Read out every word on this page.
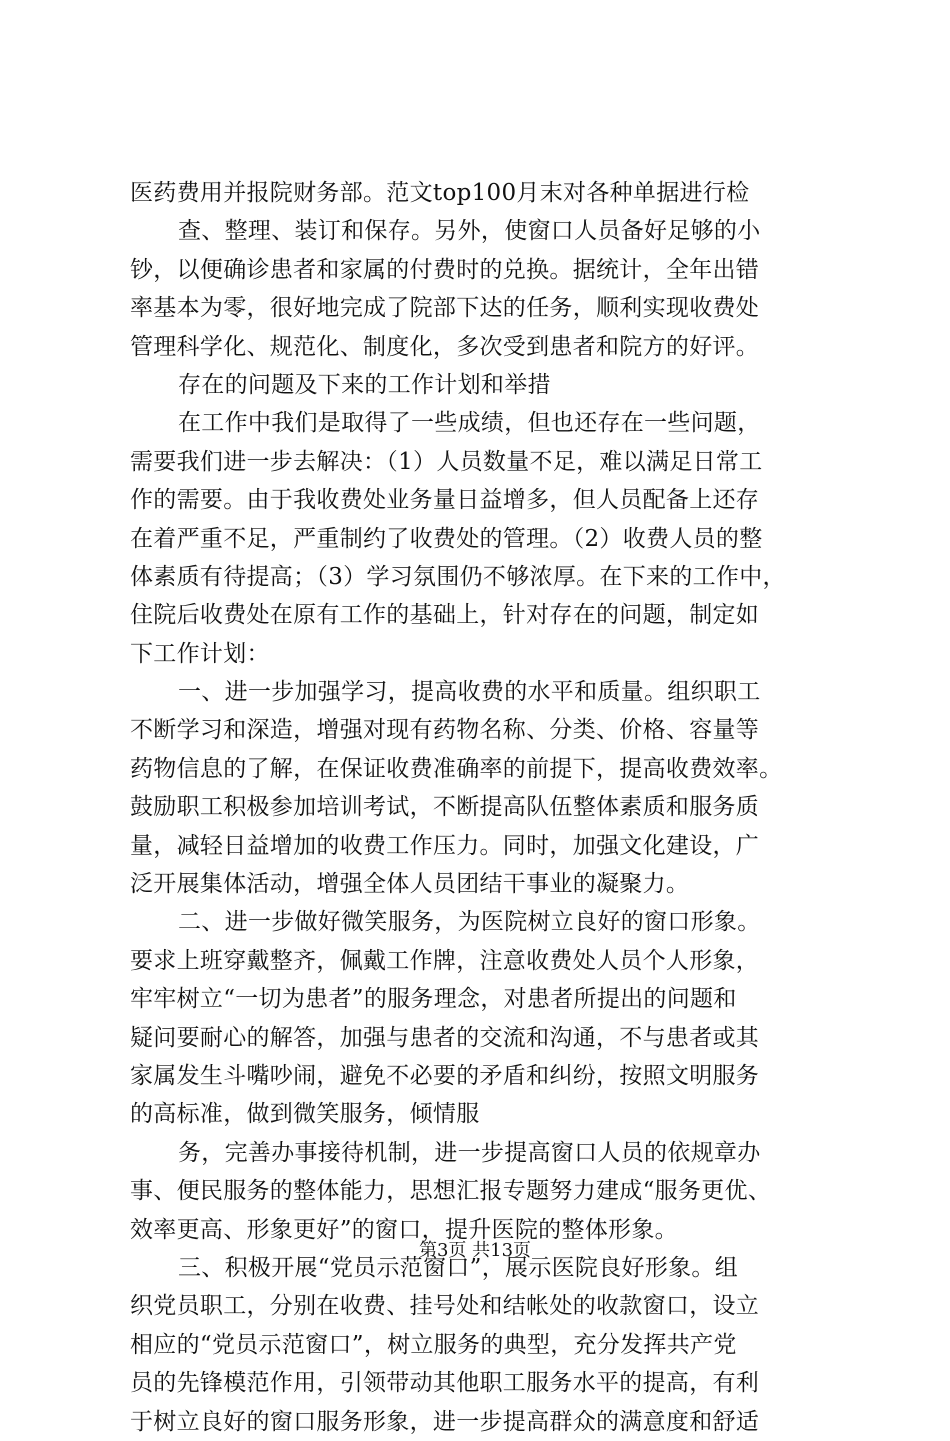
医药费用并报院财务部。范文top100月末对各种单据进行检
查、整理、装订和保存。另外，使窗口人员备好足够的小
钞，以便确诊患者和家属的付费时的兑换。据统计，全年出错
率基本为零，很好地完成了院部下达的任务，顺利实现收费处
管理科学化、规范化、制度化，多次受到患者和院方的好评。
存在的问题及下来的工作计划和举措
在工作中我们是取得了一些成绩，但也还存在一些问题，
需要我们进一步去解决：（1）人员数量不足，难以满足日常工
作的需要。由于我收费处业务量日益增多，但人员配备上还存
在着严重不足，严重制约了收费处的管理。（2）收费人员的整
体素质有待提高；（3）学习氛围仍不够浓厚。在下来的工作中，
住院后收费处在原有工作的基础上，针对存在的问题，制定如
下工作计划：
一、进一步加强学习，提高收费的水平和质量。组织职工
不断学习和深造，增强对现有药物名称、分类、价格、容量等
药物信息的了解，在保证收费准确率的前提下，提高收费效率。
鼓励职工积极参加培训考试，不断提高队伍整体素质和服务质
量，减轻日益增加的收费工作压力。同时，加强文化建设，广
泛开展集体活动，增强全体人员团结干事业的凝聚力。
二、进一步做好微笑服务，为医院树立良好的窗口形象。
要求上班穿戴整齐，佩戴工作牌，注意收费处人员个人形象，
牢牢树立“一切为患者”的服务理念，对患者所提出的问题和
疑问要耐心的解答，加强与患者的交流和沟通，不与患者或其
家属发生斗嘴吵闹，避免不必要的矛盾和纠纷，按照文明服务
的高标准，做到微笑服务，倾情服
务，完善办事接待机制，进一步提高窗口人员的依规章办
事、便民服务的整体能力，思想汇报专题努力建成“服务更优、
效率更高、形象更好”的窗口，提升医院的整体形象。
三、积极开展“党员示范窗口”，展示医院良好形象。组
织党员职工，分别在收费、挂号处和结帐处的收款窗口，设立
相应的“党员示范窗口”，树立服务的典型，充分发挥共产党
员的先锋模范作用，引领带动其他职工服务水平的提高，有利
于树立良好的窗口服务形象，进一步提高群众的满意度和舒适
第3页 共13页
